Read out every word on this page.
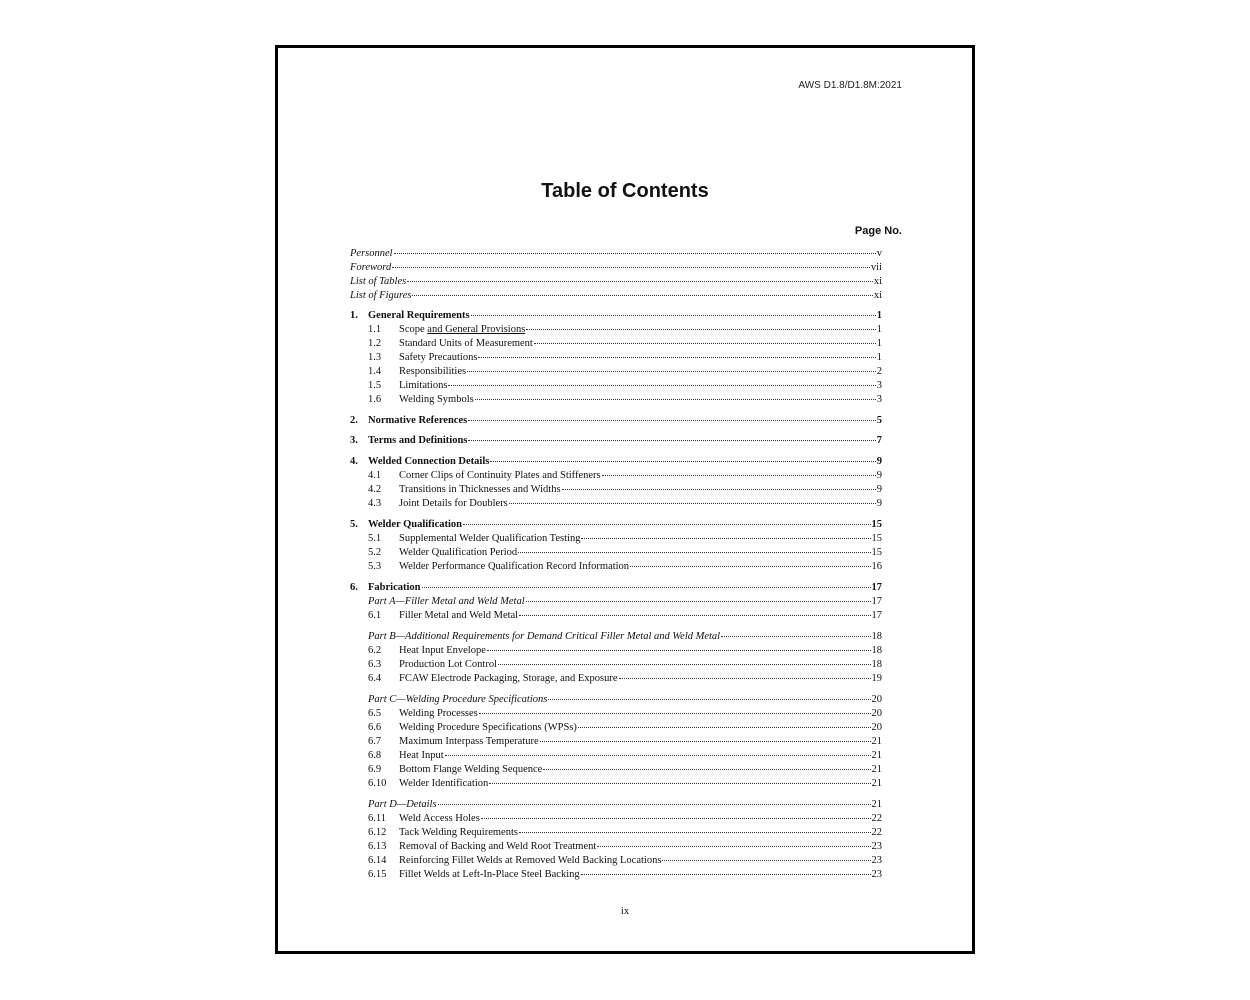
AWS D1.8/D1.8M:2021
Table of Contents
Page No.
Personnel	v
Foreword	vii
List of Tables	xi
List of Figures	xi
1. General Requirements	1
1.1	Scope and General Provisions	1
1.2	Standard Units of Measurement	1
1.3	Safety Precautions	1
1.4	Responsibilities	2
1.5	Limitations	3
1.6	Welding Symbols	3
2. Normative References	5
3. Terms and Definitions	7
4. Welded Connection Details	9
4.1	Corner Clips of Continuity Plates and Stiffeners	9
4.2	Transitions in Thicknesses and Widths	9
4.3	Joint Details for Doublers	9
5. Welder Qualification	15
5.1	Supplemental Welder Qualification Testing	15
5.2	Welder Qualification Period	15
5.3	Welder Performance Qualification Record Information	16
6. Fabrication	17
Part A—Filler Metal and Weld Metal	17
6.1	Filler Metal and Weld Metal	17
Part B—Additional Requirements for Demand Critical Filler Metal and Weld Metal	18
6.2	Heat Input Envelope	18
6.3	Production Lot Control	18
6.4	FCAW Electrode Packaging, Storage, and Exposure	19
Part C—Welding Procedure Specifications	20
6.5	Welding Processes	20
6.6	Welding Procedure Specifications (WPSs)	20
6.7	Maximum Interpass Temperature	21
6.8	Heat Input	21
6.9	Bottom Flange Welding Sequence	21
6.10	Welder Identification	21
Part D—Details	21
6.11	Weld Access Holes	22
6.12	Tack Welding Requirements	22
6.13	Removal of Backing and Weld Root Treatment	23
6.14	Reinforcing Fillet Welds at Removed Weld Backing Locations	23
6.15	Fillet Welds at Left-In-Place Steel Backing	23
ix
